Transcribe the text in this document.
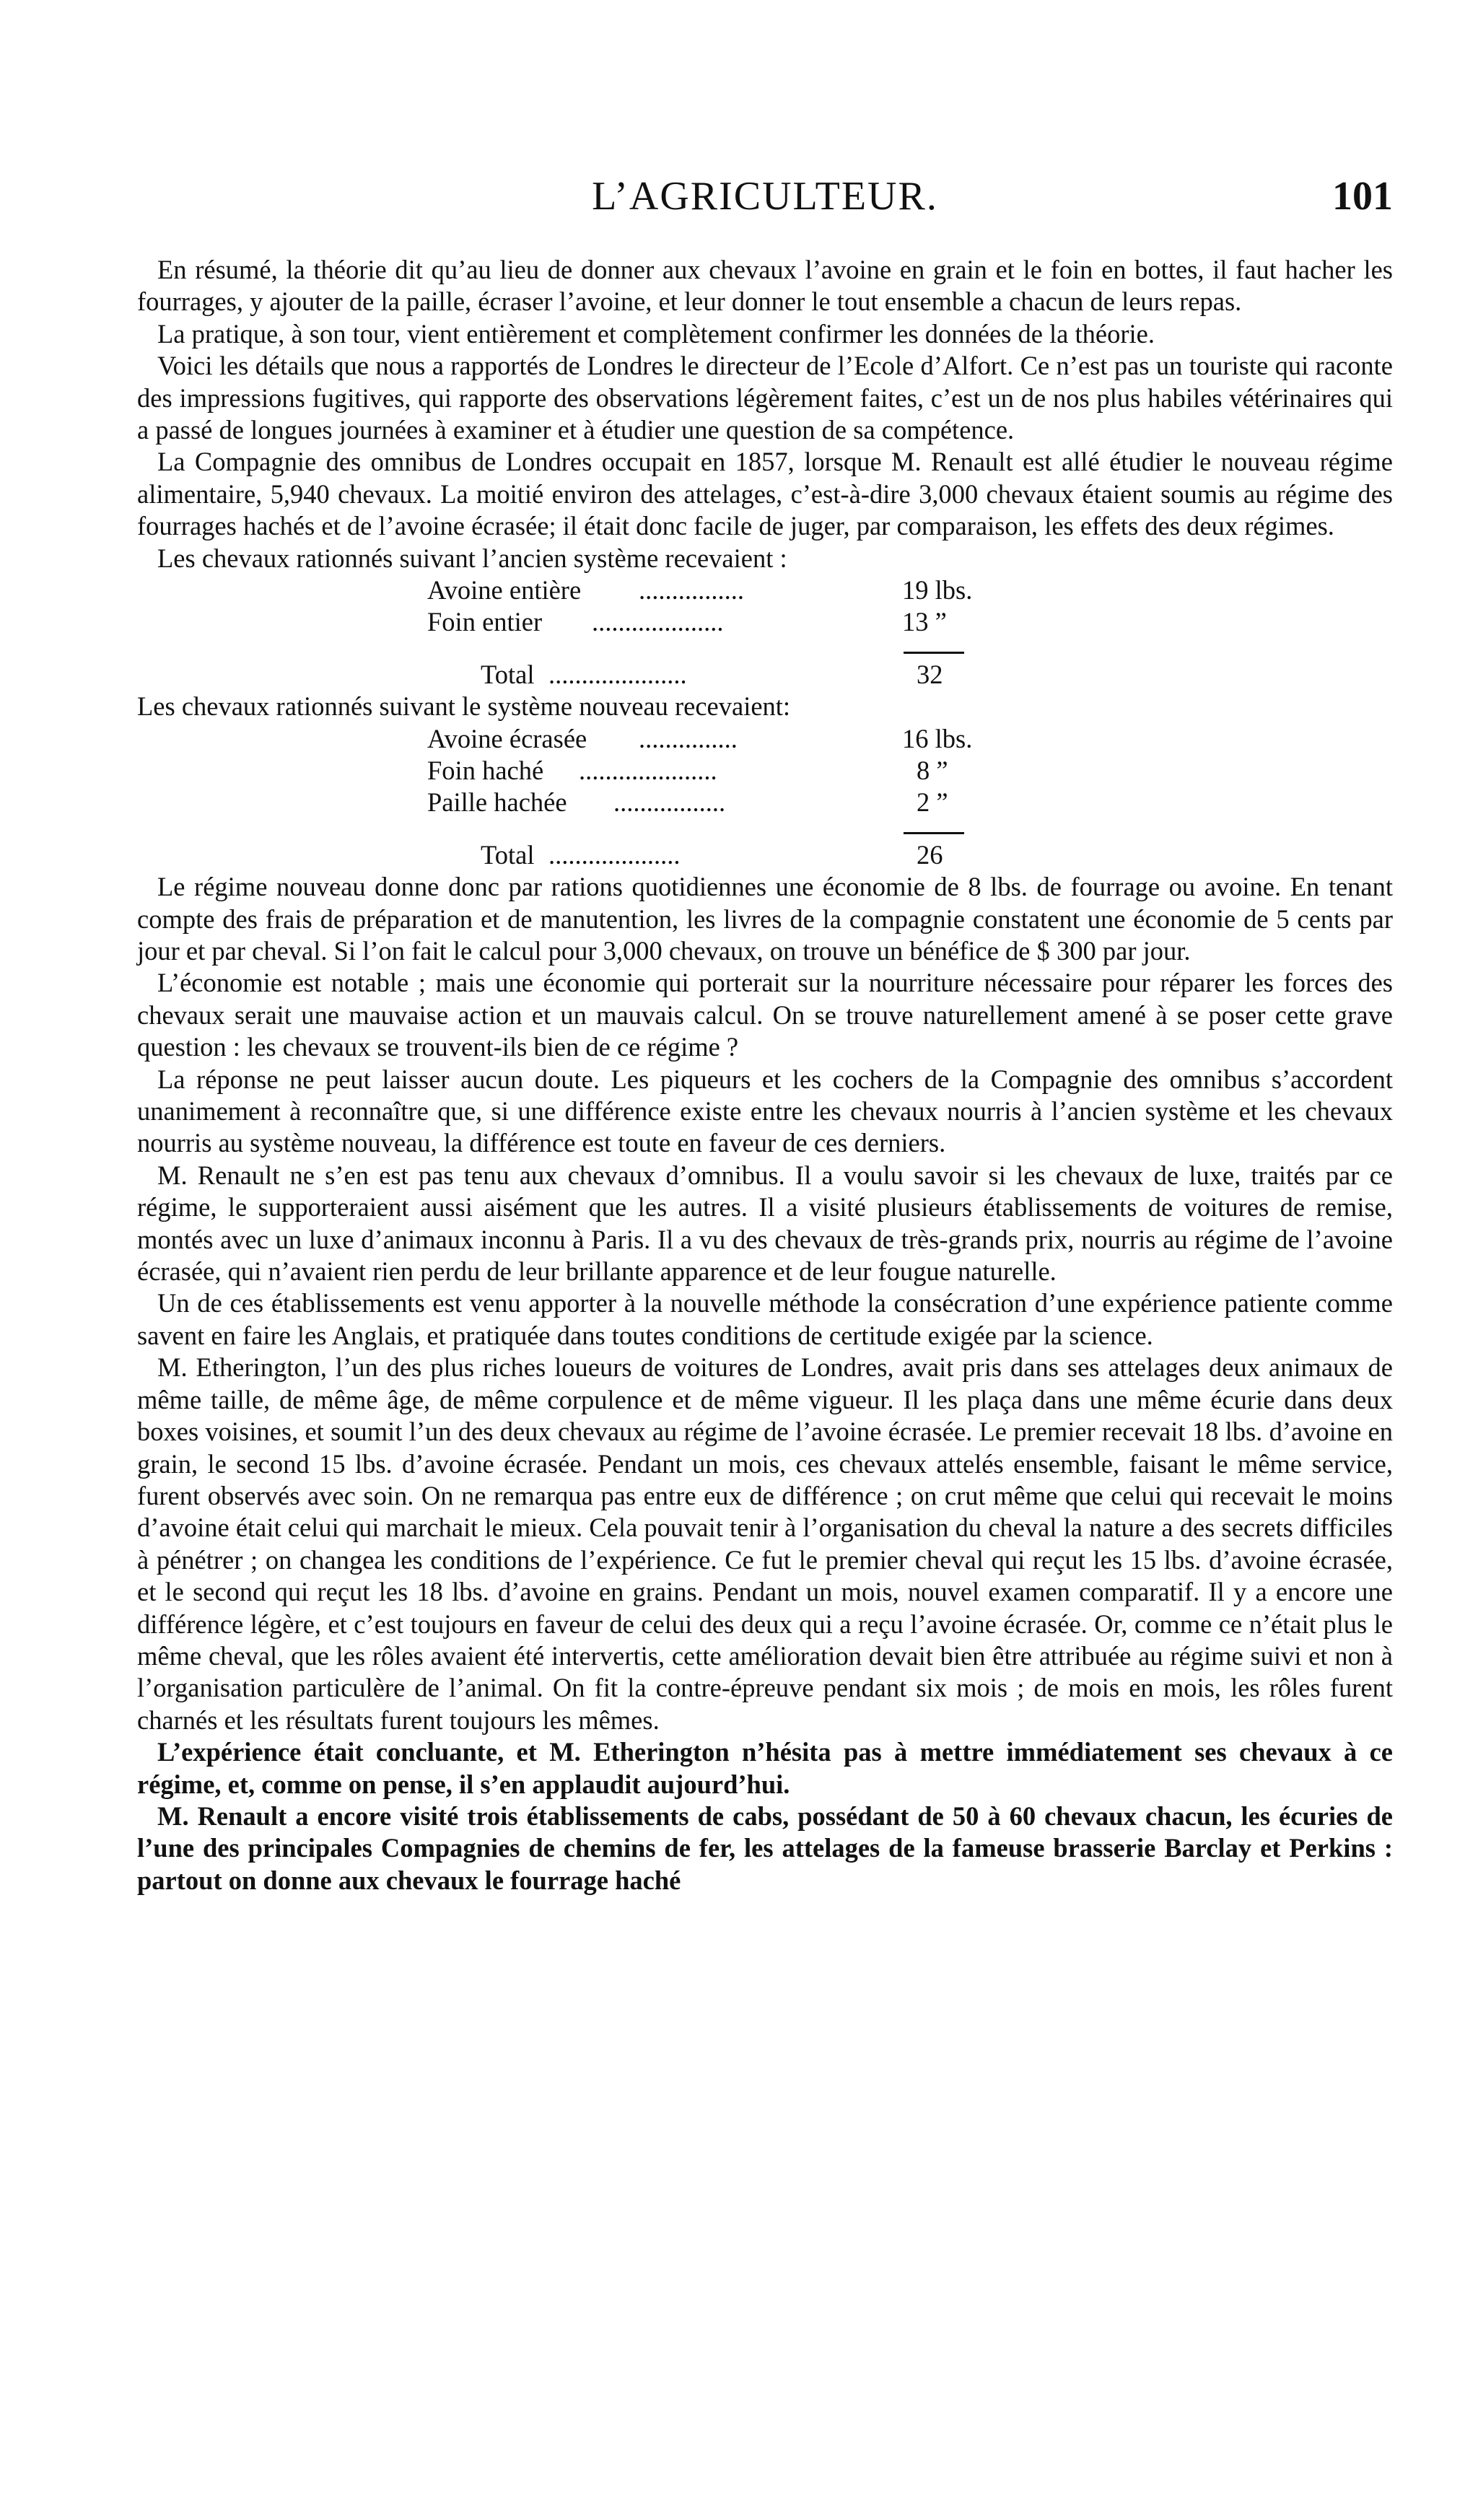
L’AGRICULTEUR.	101

En résumé, la théorie dit qu’au lieu de donner aux chevaux l’avoine en grain et le foin en bottes, il faut hacher les fourrages, y ajouter de la paille, écraser l’avoine, et leur donner le tout ensemble a chacun de leurs repas.

La pratique, à son tour, vient entièrement et complètement confirmer les données de la théorie.

Voici les détails que nous a rapportés de Londres le directeur de l’Ecole d’Alfort. Ce n’est pas un touriste qui raconte des impressions fugitives, qui rapporte des observations légèrement faites, c’est un de nos plus habiles vétérinaires qui a passé de longues journées à examiner et à étudier une question de sa compétence.

La Compagnie des omnibus de Londres occupait en 1857, lorsque M. Renault est allé étudier le nouveau régime alimentaire, 5,940 chevaux. La moitié environ des attelages, c’est-à-dire 3,000 chevaux étaient soumis au régime des fourrages hachés et de l’avoine écrasée; il était donc facile de juger, par comparaison, les effets des deux régimes.

Les chevaux rationnés suivant l’ancien système recevaient :

Avoine entière ................	19 lbs.
Foin entier ....................	13 ”
Total .....................	32

Les chevaux rationnés suivant le système nouveau recevaient:

Avoine écrasée ...............	16 lbs.
Foin haché .....................	8 ”
Paille hachée .................	2 ”
Total ....................	26

Le régime nouveau donne donc par rations quotidiennes une économie de 8 lbs. de fourrage ou avoine. En tenant compte des frais de préparation et de manutention, les livres de la compagnie constatent une économie de 5 cents par jour et par cheval. Si l’on fait le calcul pour 3,000 chevaux, on trouve un bénéfice de $ 300 par jour.

L’économie est notable ; mais une économie qui porterait sur la nourriture nécessaire pour réparer les forces des chevaux serait une mauvaise action et un mauvais calcul. On se trouve naturellement amené à se poser cette grave question : les chevaux se trouvent-ils bien de ce régime ?

La réponse ne peut laisser aucun doute. Les piqueurs et les cochers de la Compagnie des omnibus s’accordent unanimement à reconnaître que, si une différence existe entre les chevaux nourris à l’ancien système et les chevaux nourris au système nouveau, la différence est toute en faveur de ces derniers.

M. Renault ne s’en est pas tenu aux chevaux d’omnibus. Il a voulu savoir si les chevaux de luxe, traités par ce régime, le supporteraient aussi aisément que les autres. Il a visité plusieurs établissements de voitures de remise, montés avec un luxe d’animaux inconnu à Paris. Il a vu des chevaux de très-grands prix, nourris au régime de l’avoine écrasée, qui n’avaient rien perdu de leur brillante apparence et de leur fougue naturelle.

Un de ces établissements est venu apporter à la nouvelle méthode la consécration d’une expérience patiente comme savent en faire les Anglais, et pratiquée dans toutes conditions de certitude exigée par la science.

M. Etherington, l’un des plus riches loueurs de voitures de Londres, avait pris dans ses attelages deux animaux de même taille, de même âge, de même corpulence et de même vigueur. Il les plaça dans une même écurie dans deux boxes voisines, et soumit l’un des deux chevaux au régime de l’avoine écrasée. Le premier recevait 18 lbs. d’avoine en grain, le second 15 lbs. d’avoine écrasée. Pendant un mois, ces chevaux attelés ensemble, faisant le même service, furent observés avec soin. On ne remarqua pas entre eux de différence ; on crut même que celui qui recevait le moins d’avoine était celui qui marchait le mieux. Cela pouvait tenir à l’organisation du cheval la nature a des secrets difficiles à pénétrer ; on changea les conditions de l’expérience. Ce fut le premier cheval qui reçut les 15 lbs. d’avoine écrasée, et le second qui reçut les 18 lbs. d’avoine en grains. Pendant un mois, nouvel examen comparatif. Il y a encore une différence légère, et c’est toujours en faveur de celui des deux qui a reçu l’avoine écrasée. Or, comme ce n’était plus le même cheval, que les rôles avaient été intervertis, cette amélioration devait bien être attribuée au régime suivi et non à l’organisation particulère de l’animal. On fit la contre-épreuve pendant six mois ; de mois en mois, les rôles furent charnés et les résultats furent toujours les mêmes.

L’expérience était concluante, et M. Etherington n’hésita pas à mettre immédiatement ses chevaux à ce régime, et, comme on pense, il s’en applaudit aujourd’hui.

M. Renault a encore visité trois établissements de cabs, possédant de 50 à 60 chevaux chacun, les écuries de l’une des principales Compagnies de chemins de fer, les attelages de la fameuse brasserie Barclay et Perkins : partout on donne aux chevaux le fourrage haché
